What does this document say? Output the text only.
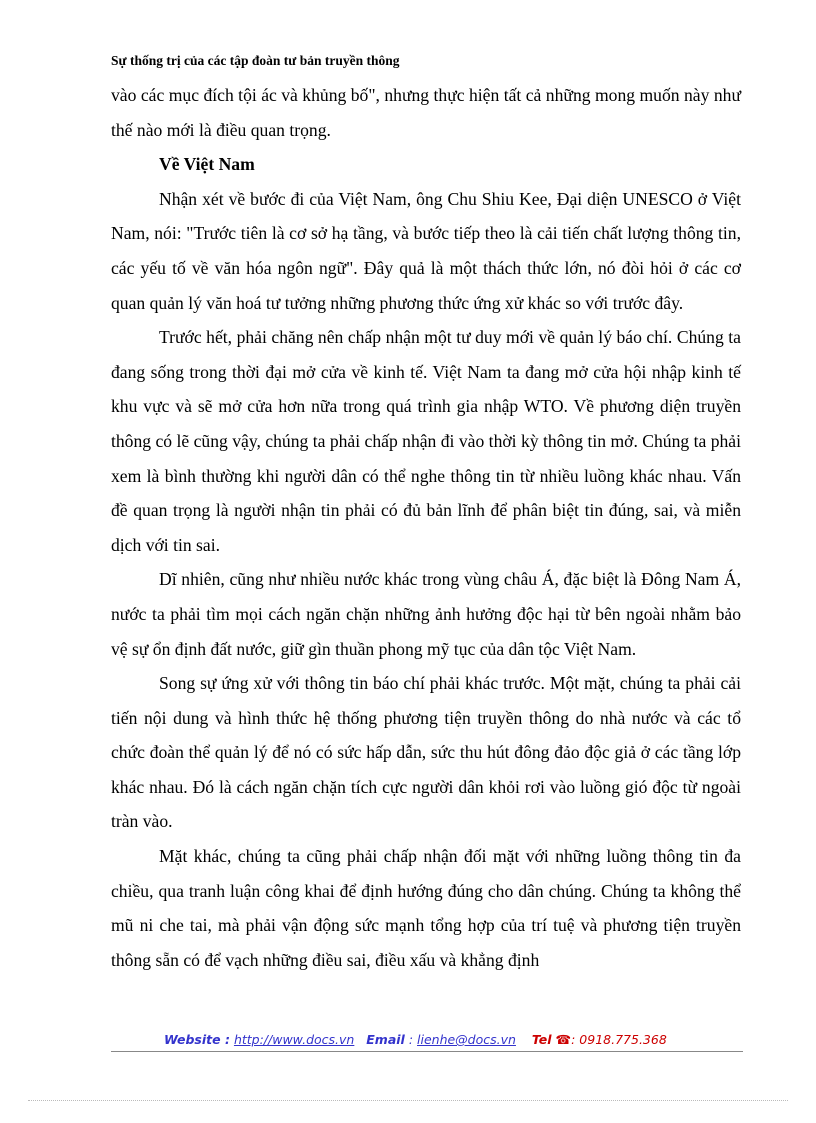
Sự thống trị của các tập đoàn tư bản truyền thông

vào các mục đích tội ác và khủng bố", nhưng thực hiện tất cả những mong muốn này như thế nào mới là điều quan trọng.

Về Việt Nam

Nhận xét về bước đi của Việt Nam, ông Chu Shiu Kee, Đại diện UNESCO ở Việt Nam, nói: "Trước tiên là cơ sở hạ tầng, và bước tiếp theo là cải tiến chất lượng thông tin, các yếu tố về văn hóa ngôn ngữ". Đây quả là một thách thức lớn, nó đòi hỏi ở các cơ quan quản lý văn hoá tư tưởng những phương thức ứng xử khác so với trước đây.

Trước hết, phải chăng nên chấp nhận một tư duy mới về quản lý báo chí. Chúng ta đang sống trong thời đại mở cửa về kinh tế. Việt Nam ta đang mở cửa hội nhập kinh tế khu vực và sẽ mở cửa hơn nữa trong quá trình gia nhập WTO. Về phương diện truyền thông có lẽ cũng vậy, chúng ta phải chấp nhận đi vào thời kỳ thông tin mở. Chúng ta phải xem là bình thường khi người dân có thể nghe thông tin từ nhiều luồng khác nhau. Vấn đề quan trọng là người nhận tin phải có đủ bản lĩnh để phân biệt tin đúng, sai, và miễn dịch với tin sai.

Dĩ nhiên, cũng như nhiều nước khác trong vùng châu Á, đặc biệt là Đông Nam Á, nước ta phải tìm mọi cách ngăn chặn những ảnh hưởng độc hại từ bên ngoài nhằm bảo vệ sự ổn định đất nước, giữ gìn thuần phong mỹ tục của dân tộc Việt Nam.

Song sự ứng xử với thông tin báo chí phải khác trước. Một mặt, chúng ta phải cải tiến nội dung và hình thức hệ thống phương tiện truyền thông do nhà nước và các tổ chức đoàn thể quản lý để nó có sức hấp dẫn, sức thu hút đông đảo độc giả ở các tầng lớp khác nhau. Đó là cách ngăn chặn tích cực người dân khỏi rơi vào luồng gió độc từ ngoài tràn vào.

Mặt khác, chúng ta cũng phải chấp nhận đối mặt với những luồng thông tin đa chiều, qua tranh luận công khai để định hướng đúng cho dân chúng. Chúng ta không thể mũ ni che tai, mà phải vận động sức mạnh tổng hợp của trí tuệ và phương tiện truyền thông sẵn có để vạch những điều sai, điều xấu và khẳng định

Website : http://www.docs.vn Email : lienhe@docs.vn Tel ☎: 0918.775.368
